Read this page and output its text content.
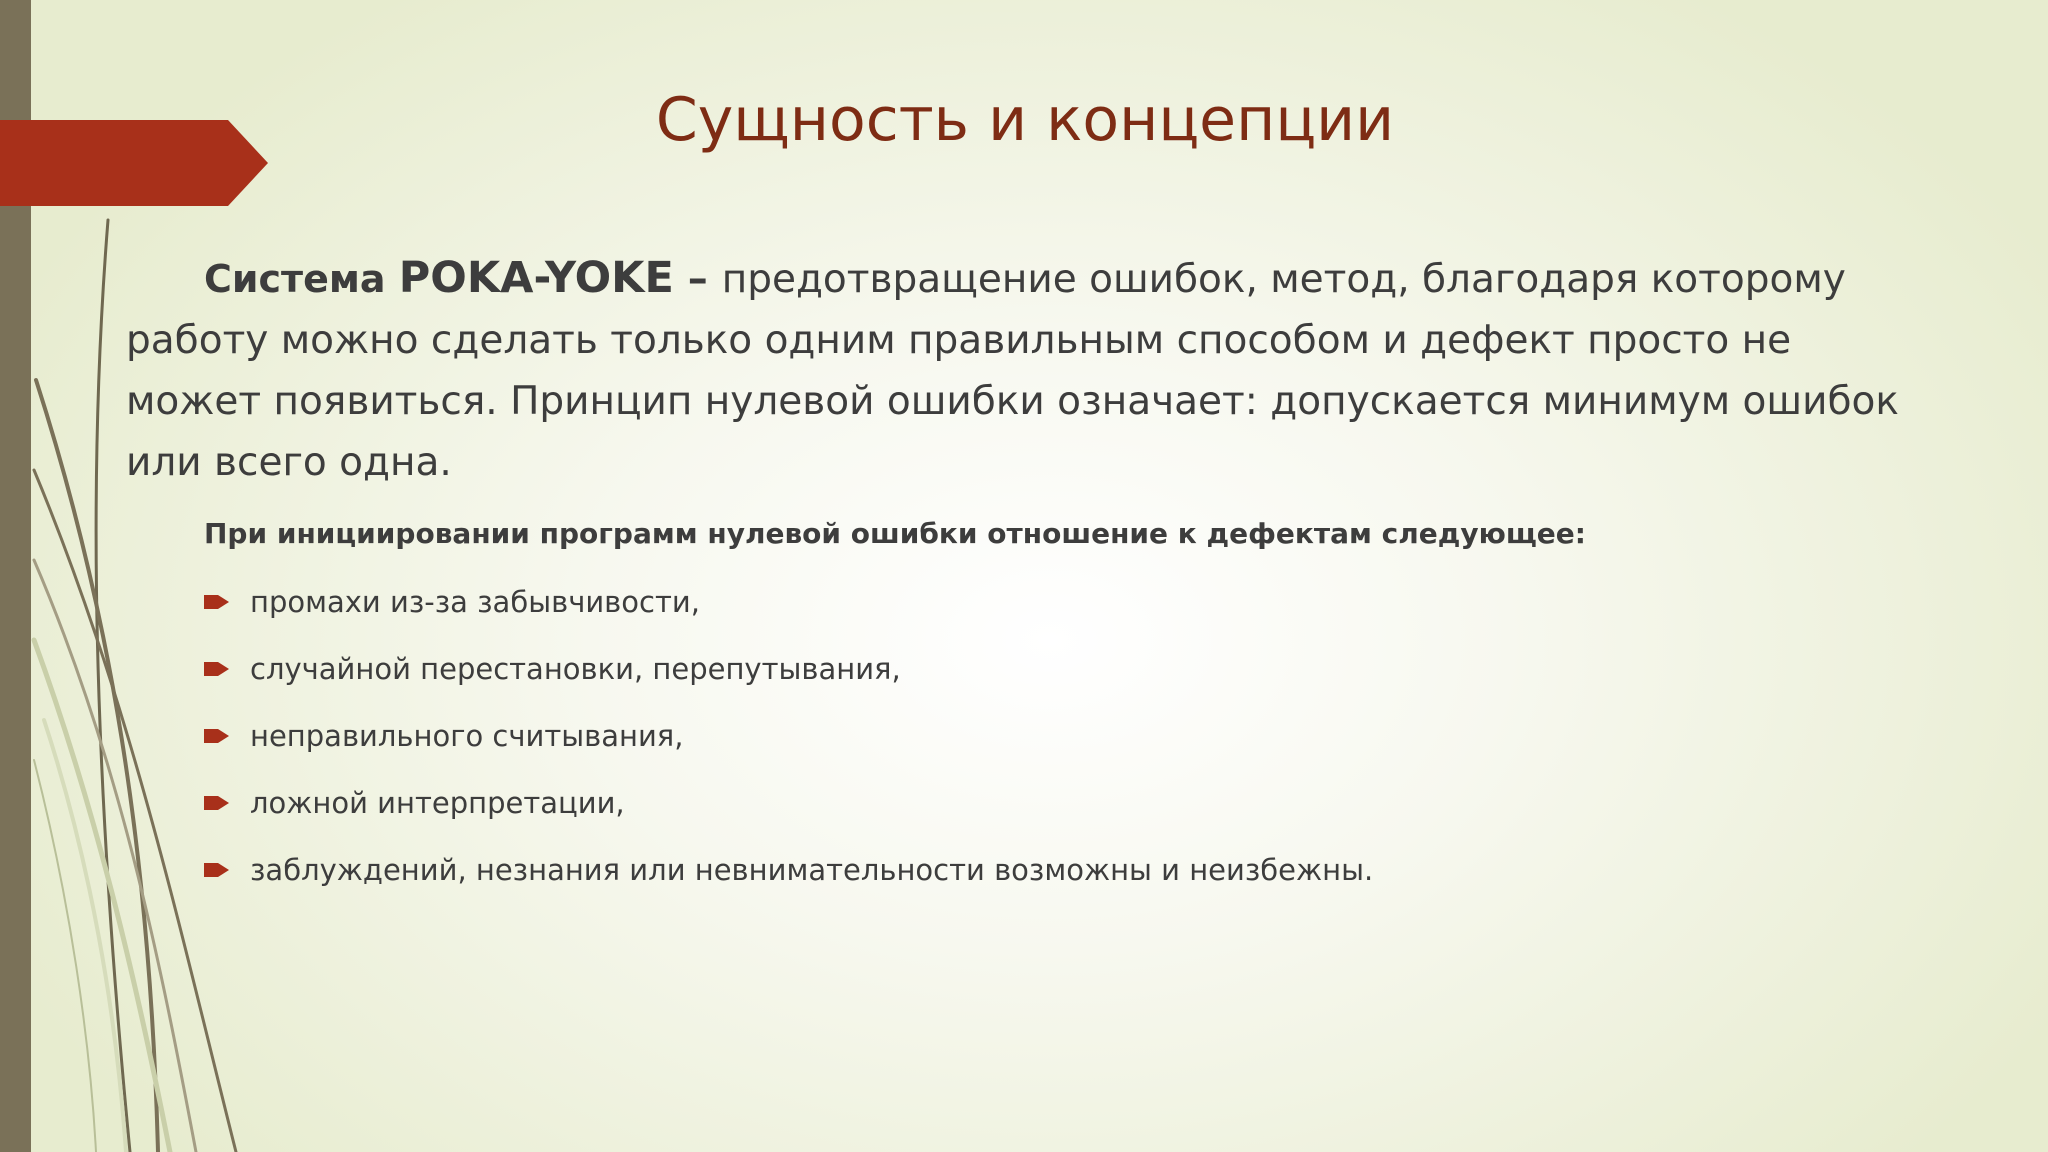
Сущность и концепции

Система POKA-YOKE – предотвращение ошибок, метод, благодаря которому работу можно сделать только одним правильным способом и дефект просто не может появиться. Принцип нулевой ошибки означает: допускается минимум ошибок или всего одна.

При инициировании программ нулевой ошибки отношение к дефектам следующее:
промахи из-за забывчивости,
случайной перестановки, перепутывания,
неправильного считывания,
ложной интерпретации,
заблуждений, незнания или невнимательности возможны и неизбежны.
